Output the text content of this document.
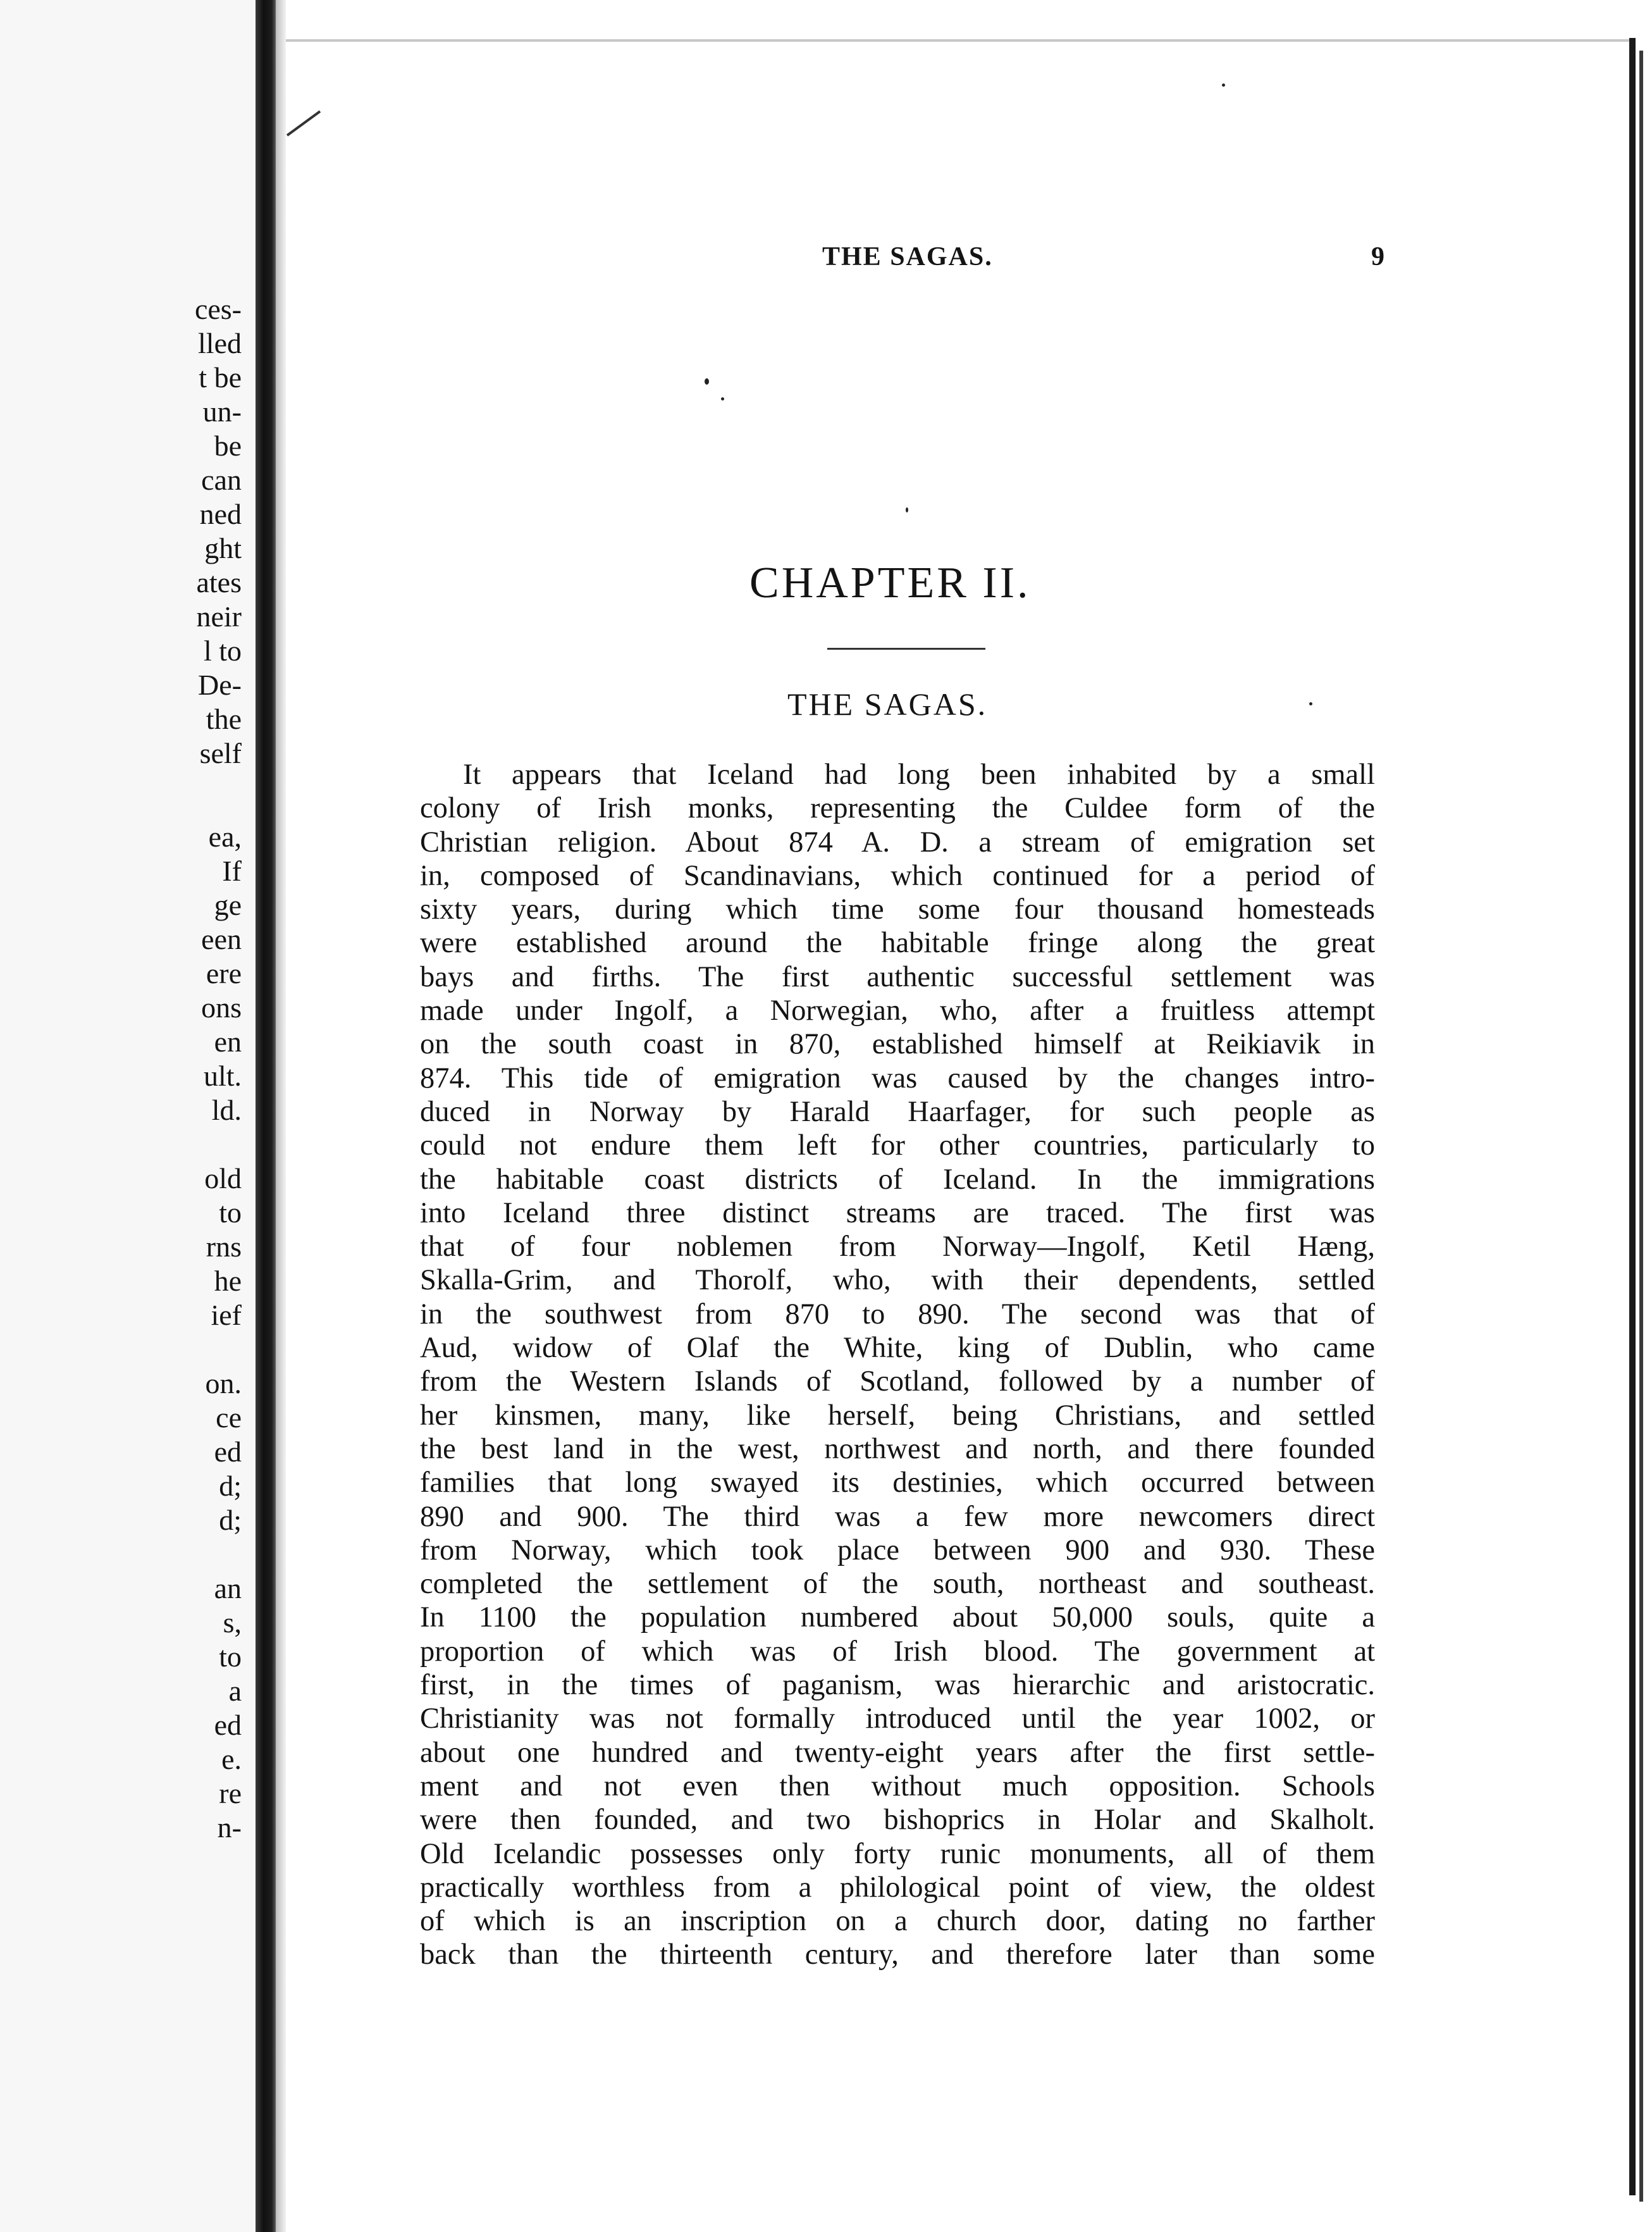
ces-
lled
t be
un-
be
can
ned
ght
ates
neir
l to
De-
the
self
ea,
If
ge
een
ere
ons
en
ult.
ld.
old
to
rns
he
ief
on.
ce
ed
d;
d;
an
s,
to
a
ed
e.
re
n-
THE SAGAS.	9
CHAPTER II.
THE SAGAS.
It appears that Iceland had long been inhabited by a small
colony of Irish monks, representing the Culdee form of the
Christian religion. About 874 A. D. a stream of emigration set
in, composed of Scandinavians, which continued for a period of
sixty years, during which time some four thousand homesteads
were established around the habitable fringe along the great
bays and firths. The first authentic successful settlement was
made under Ingolf, a Norwegian, who, after a fruitless attempt
on the south coast in 870, established himself at Reikiavik in
874. This tide of emigration was caused by the changes intro-
duced in Norway by Harald Haarfager, for such people as
could not endure them left for other countries, particularly to
the habitable coast districts of Iceland. In the immigrations
into Iceland three distinct streams are traced. The first was
that of four noblemen from Norway—Ingolf, Ketil Hæng,
Skalla-Grim, and Thorolf, who, with their dependents, settled
in the southwest from 870 to 890. The second was that of
Aud, widow of Olaf the White, king of Dublin, who came
from the Western Islands of Scotland, followed by a number of
her kinsmen, many, like herself, being Christians, and settled
the best land in the west, northwest and north, and there founded
families that long swayed its destinies, which occurred between
890 and 900. The third was a few more newcomers direct
from Norway, which took place between 900 and 930. These
completed the settlement of the south, northeast and southeast.
In 1100 the population numbered about 50,000 souls, quite a
proportion of which was of Irish blood. The government at
first, in the times of paganism, was hierarchic and aristocratic.
Christianity was not formally introduced until the year 1002, or
about one hundred and twenty-eight years after the first settle-
ment and not even then without much opposition. Schools
were then founded, and two bishoprics in Holar and Skalholt.
Old Icelandic possesses only forty runic monuments, all of them
practically worthless from a philological point of view, the oldest
of which is an inscription on a church door, dating no farther
back than the thirteenth century, and therefore later than some
